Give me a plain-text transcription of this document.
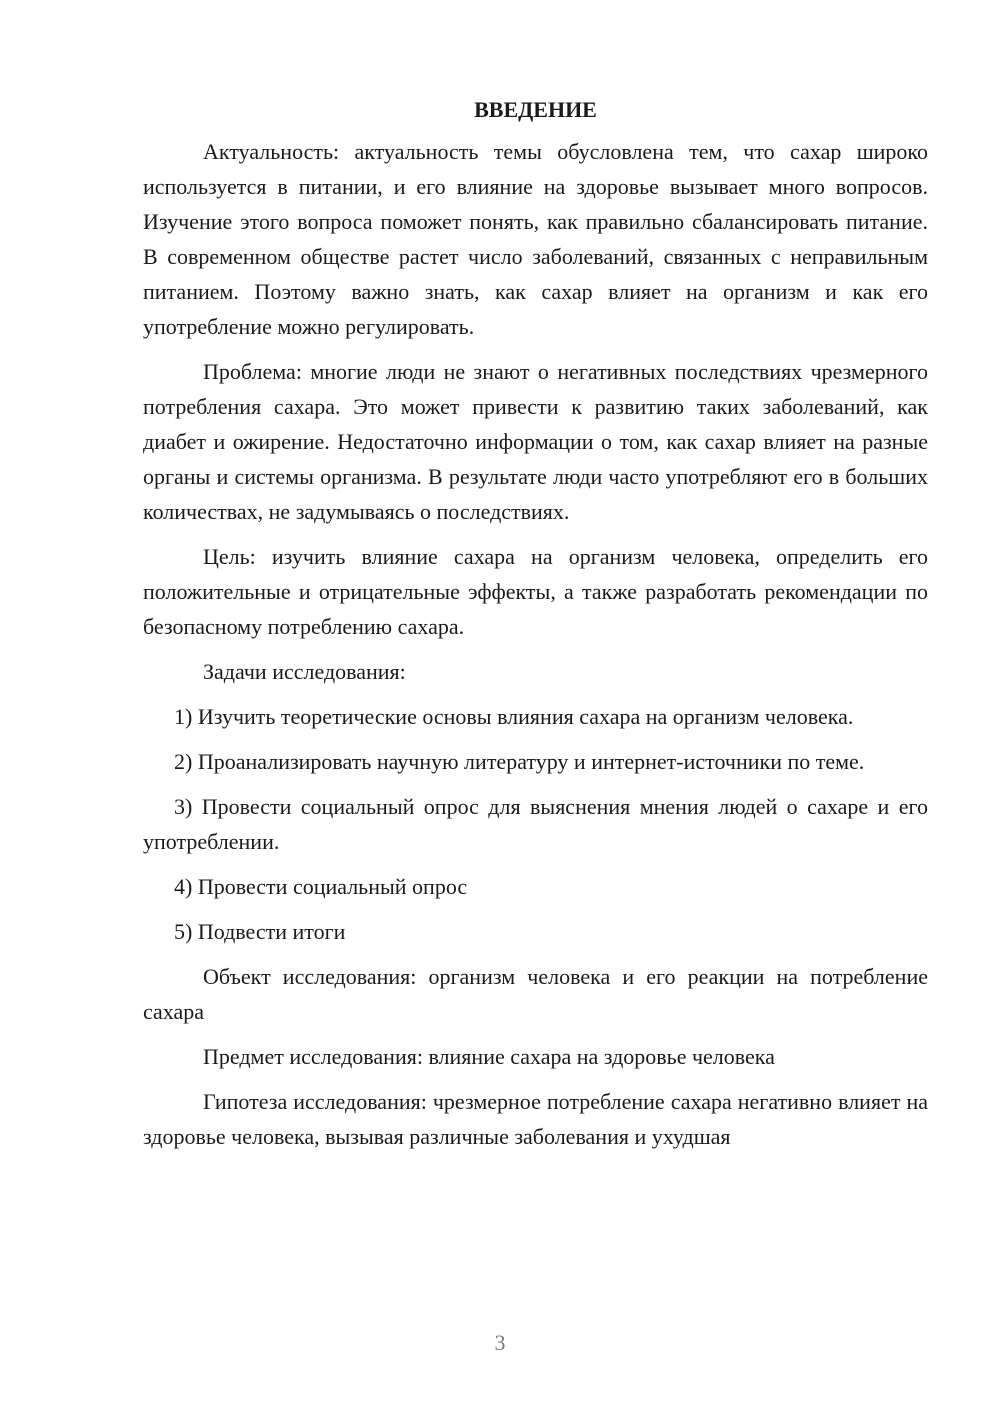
ВВЕДЕНИЕ

Актуальность: актуальность темы обусловлена тем, что сахар широко используется в питании, и его влияние на здоровье вызывает много вопросов. Изучение этого вопроса поможет понять, как правильно сбалансировать питание. В современном обществе растет число заболеваний, связанных с неправильным питанием. Поэтому важно знать, как сахар влияет на организм и как его употребление можно регулировать.

Проблема: многие люди не знают о негативных последствиях чрезмерного потребления сахара. Это может привести к развитию таких заболеваний, как диабет и ожирение. Недостаточно информации о том, как сахар влияет на разные органы и системы организма. В результате люди часто употребляют его в больших количествах, не задумываясь о последствиях.

Цель: изучить влияние сахара на организм человека, определить его положительные и отрицательные эффекты, а также разработать рекомендации по безопасному потреблению сахара.

Задачи исследования:

1) Изучить теоретические основы влияния сахара на организм человека.

2) Проанализировать научную литературу и интернет-источники по теме.

3) Провести социальный опрос для выяснения мнения людей о сахаре и его употреблении.

4) Провести социальный опрос

5) Подвести итоги

Объект исследования: организм человека и его реакции на потребление сахара

Предмет исследования: влияние сахара на здоровье человека

Гипотеза исследования: чрезмерное потребление сахара негативно влияет на здоровье человека, вызывая различные заболевания и ухудшая

3
